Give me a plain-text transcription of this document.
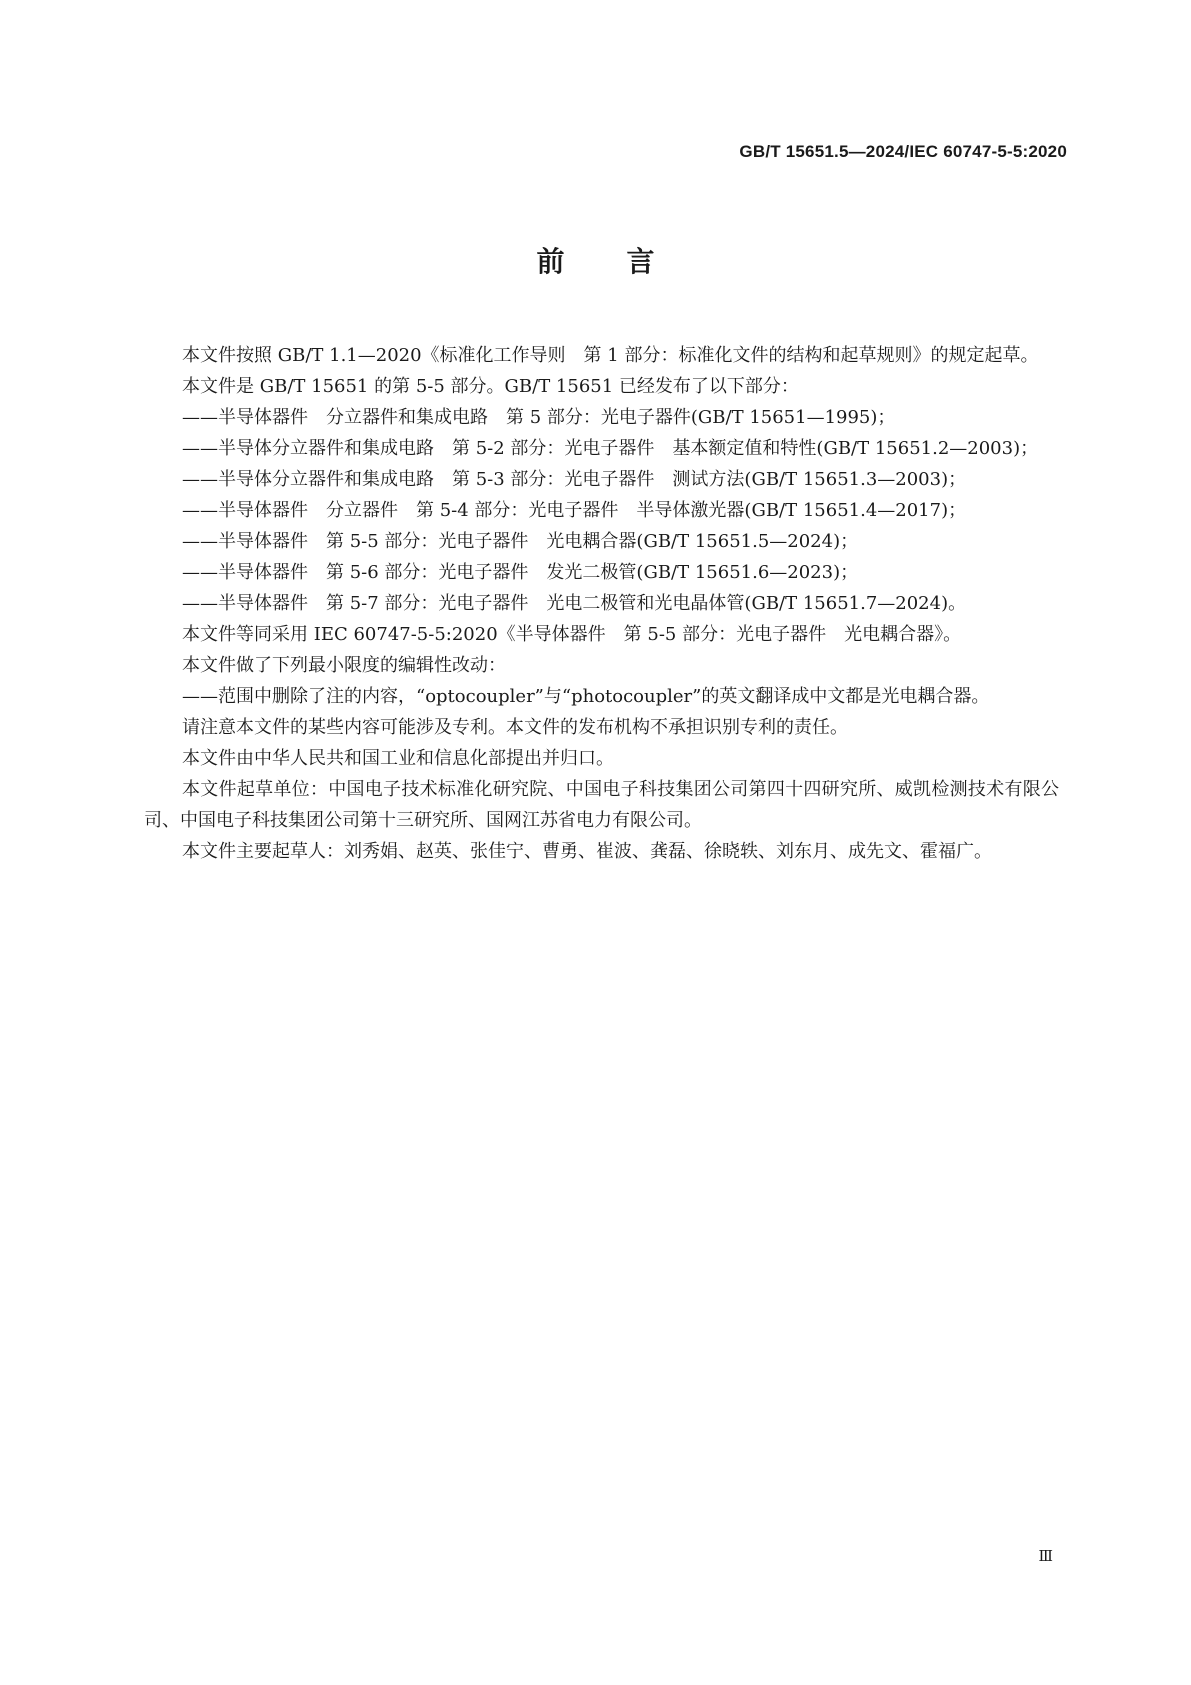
GB/T 15651.5—2024/IEC 60747-5-5:2020
前言

本文件按照 GB/T 1.1—2020《标准化工作导则　第 1 部分：标准化文件的结构和起草规则》的规定起草。

本文件是 GB/T 15651 的第 5-5 部分。GB/T 15651 已经发布了以下部分：

——半导体器件　分立器件和集成电路　第 5 部分：光电子器件(GB/T 15651—1995)；

——半导体分立器件和集成电路　第 5-2 部分：光电子器件　基本额定值和特性(GB/T 15651.2—2003)；

——半导体分立器件和集成电路　第 5-3 部分：光电子器件　测试方法(GB/T 15651.3—2003)；

——半导体器件　分立器件　第 5-4 部分：光电子器件　半导体激光器(GB/T 15651.4—2017)；

——半导体器件　第 5-5 部分：光电子器件　光电耦合器(GB/T 15651.5—2024)；

——半导体器件　第 5-6 部分：光电子器件　发光二极管(GB/T 15651.6—2023)；

——半导体器件　第 5-7 部分：光电子器件　光电二极管和光电晶体管(GB/T 15651.7—2024)。

本文件等同采用 IEC 60747-5-5:2020《半导体器件　第 5-5 部分：光电子器件　光电耦合器》。

本文件做了下列最小限度的编辑性改动：

——范围中删除了注的内容，“optocoupler”与“photocoupler”的英文翻译成中文都是光电耦合器。

请注意本文件的某些内容可能涉及专利。本文件的发布机构不承担识别专利的责任。

本文件由中华人民共和国工业和信息化部提出并归口。

本文件起草单位：中国电子技术标准化研究院、中国电子科技集团公司第四十四研究所、威凯检测技术有限公司、中国电子科技集团公司第十三研究所、国网江苏省电力有限公司。

本文件主要起草人：刘秀娟、赵英、张佳宁、曹勇、崔波、龚磊、徐晓轶、刘东月、成先文、霍福广。

Ⅲ
